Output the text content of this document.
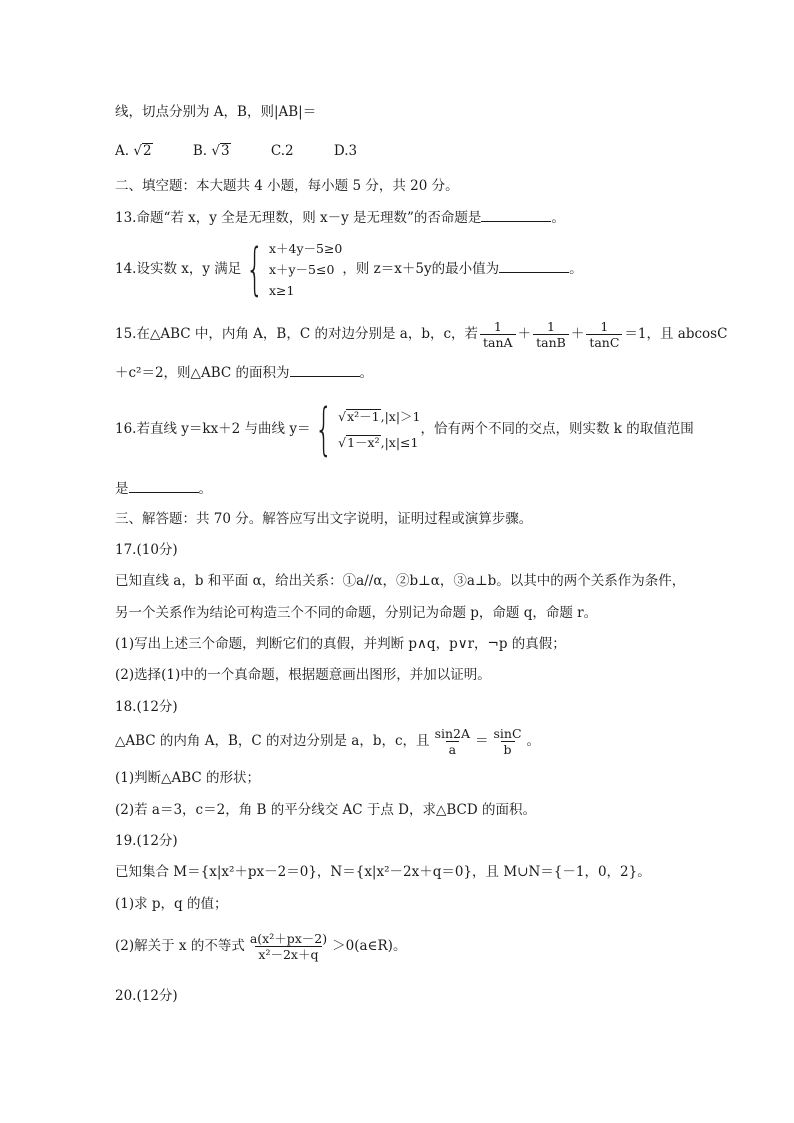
线，切点分别为 A，B，则|AB|＝
A. √2	B. √3	C.2	D.3
二、填空题：本大题共 4 小题，每小题 5 分，共 20 分。
13.命题“若 x，y 全是无理数，则 x－y 是无理数”的否命题是	。
14.设实数 x，y 满足 { x＋4y－5≥0
x＋y－5≤0
x≥1
，则 z＝x＋5y的最小值为	。
15.在△ABC 中，内角 A，B，C 的对边分别是 a，b，c，若 $\frac{1}{\tan A} + \frac{1}{\tan B} + \frac{1}{\tan C} =1$，且 abcosC
＋c²＝2，则△ABC 的面积为	。
16.若直线 y＝kx＋2 与曲线 y＝ { √x²－1,|x|＞1
√1－x²,|x|≤1
，恰有两个不同的交点，则实数 k 的取值范围
是	。
三、解答题：共 70 分。解答应写出文字说明，证明过程或演算步骤。
17.(10分)
已知直线 a，b 和平面 α，给出关系：①a//α，②b⊥α，③a⊥b。以其中的两个关系作为条件，
另一个关系作为结论可构造三个不同的命题，分别记为命题 p，命题 q，命题 r。
(1)写出上述三个命题，判断它们的真假，并判断 p∧q，p∨r，¬p 的真假；
(2)选择(1)中的一个真命题，根据题意画出图形，并加以证明。
18.(12分)
△ABC 的内角 A，B，C 的对边分别是 a，b，c，且 $\frac{\sin 2A}{a} = \frac{\sin C}{b}$ 。
(1)判断△ABC 的形状；
(2)若 a＝3，c＝2，角 B 的平分线交 AC 于点 D，求△BCD 的面积。
19.(12分)
已知集合 M＝{x|x²＋px－2＝0}，N＝{x|x²－2x＋q＝0}，且 M∪N＝{－1，0，2}。
(1)求 p，q 的值；
(2)解关于 x 的不等式 $\frac{\text{a(x²＋px－2)}}{\text{x²－2x＋q}}$ ＞0(a∈R)。
20.(12分)
